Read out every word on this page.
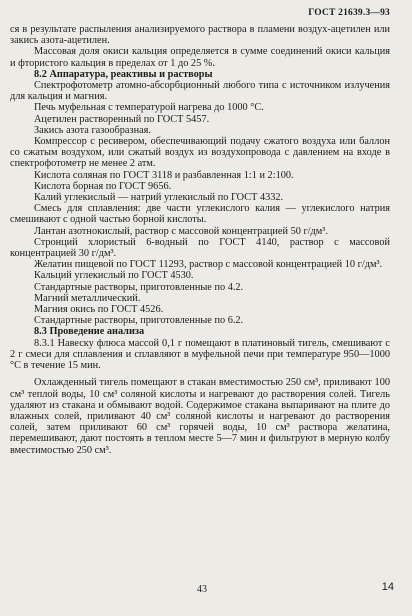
ГОСТ 21639.3—93

ся в результате распыления анализируемого раствора в пламени воздух-ацетилен или закись азота-ацетилен.

Массовая доля окиси кальция определяется в сумме соединений окиси кальция и фтористого кальция в пределах от 1 до 25 %.

8.2 Аппаратура, реактивы и растворы

Спектрофотометр атомно-абсорбционный любого типа с источником излучения для кальция и магния.

Печь муфельная с температурой нагрева до 1000 °С.

Ацетилен растворенный по ГОСТ 5457.

Закись азота газообразная.

Компрессор с ресивером, обеспечивающий подачу сжатого воздуха или баллон со сжатым воздухом, или сжатый воздух из воздухопровода с давлением на входе в спектрофотометр не менее 2 атм.

Кислота соляная по ГОСТ 3118 и разбавленная 1:1 и 2:100.

Кислота борная по ГОСТ 9656.

Калий углекислый — натрий углекислый по ГОСТ 4332.

Смесь для сплавления: две части углекислого калия — углекислого натрия смешивают с одной частью борной кислоты.

Лантан азотнокислый, раствор с массовой концентрацией 50 г/дм³.

Стронций хлористый 6-водный по ГОСТ 4140, раствор с массовой концентрацией 30 г/дм³.

Желатин пищевой по ГОСТ 11293, раствор с массовой концентрацией 10 г/дм³.

Кальций углекислый по ГОСТ 4530.

Стандартные растворы, приготовленные по 4.2.

Магний металлический.

Магния окись по ГОСТ 4526.

Стандартные растворы, приготовленные по 6.2.

8.3 Проведение анализа

8.3.1 Навеску флюса массой 0,1 г помещают в платиновый тигель, смешивают с 2 г смеси для сплавления и сплавляют в муфельной печи при температуре 950—1000 °С в течение 15 мин.

Охлажденный тигель помещают в стакан вместимостью 250 см³, приливают 100 см³ теплой воды, 10 см³ соляной кислоты и нагревают до растворения солей. Тигель удаляют из стакана и обмывают водой. Содержимое стакана выпаривают на плите до влажных солей, приливают 40 см³ соляной кислоты и нагревают до растворения солей, затем приливают 60 см³ горячей воды, 10 см³ раствора желатина, перемешивают, дают постоять в теплом месте 5—7 мин и фильтруют в мерную колбу вместимостью 250 см³.

43	14
